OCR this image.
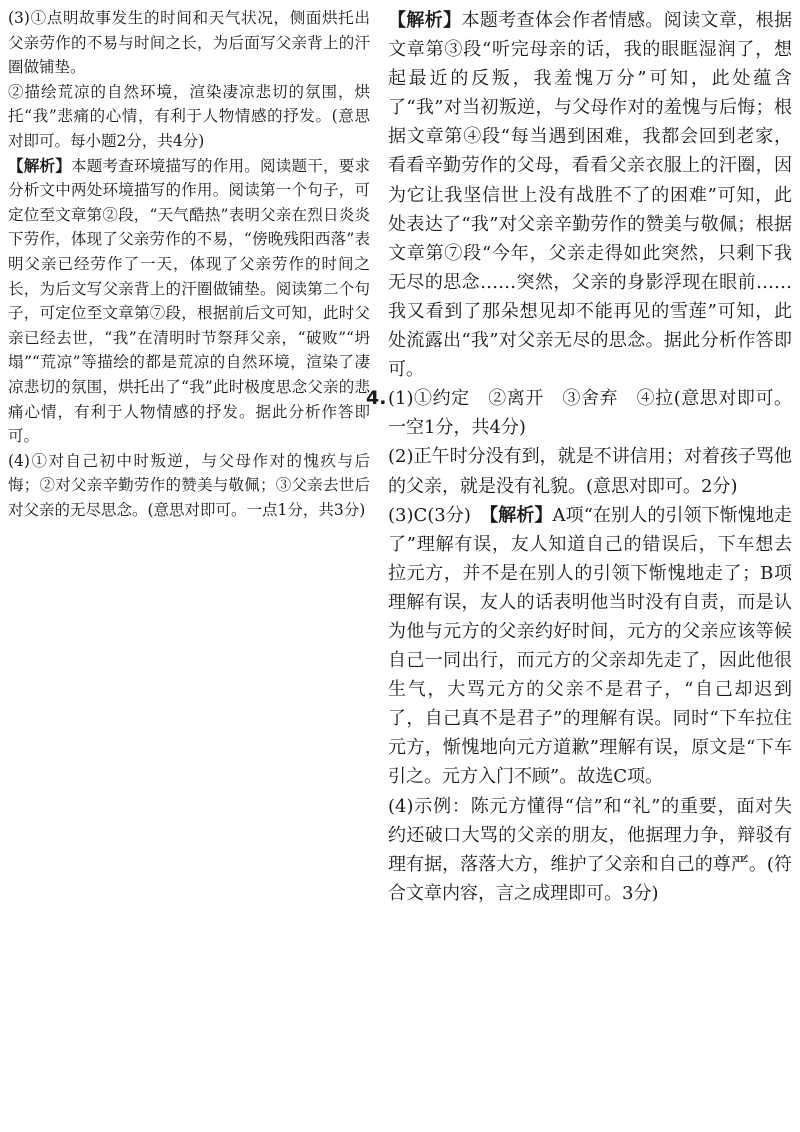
(3)①点明故事发生的时间和天气状况，侧面烘托出父亲劳作的不易与时间之长，为后面写父亲背上的汗圈做铺垫。

②描绘荒凉的自然环境，渲染凄凉悲切的氛围，烘托“我”悲痛的心情，有利于人物情感的抒发。(意思对即可。每小题2分，共4分)

【解析】本题考查环境描写的作用。阅读题干，要求分析文中两处环境描写的作用。阅读第一个句子，可定位至文章第②段，“天气酷热”表明父亲在烈日炎炎下劳作，体现了父亲劳作的不易，“傍晚残阳西落”表明父亲已经劳作了一天，体现了父亲劳作的时间之长，为后文写父亲背上的汗圈做铺垫。阅读第二个句子，可定位至文章第⑦段，根据前后文可知，此时父亲已经去世，“我”在清明时节祭拜父亲，“破败”“坍塌”“荒凉”等描绘的都是荒凉的自然环境，渲染了凄凉悲切的氛围，烘托出了“我”此时极度思念父亲的悲痛心情，有利于人物情感的抒发。据此分析作答即可。

(4)①对自己初中时叛逆，与父母作对的愧疚与后悔；②对父亲辛勤劳作的赞美与敬佩；③父亲去世后对父亲的无尽思念。(意思对即可。一点1分，共3分)

【解析】本题考查体会作者情感。阅读文章，根据文章第③段“听完母亲的话，我的眼眶湿润了，想起最近的反叛，我羞愧万分”可知，此处蕴含了“我”对当初叛逆，与父母作对的羞愧与后悔；根据文章第④段“每当遇到困难，我都会回到老家，看看辛勤劳作的父母，看看父亲衣服上的汗圈，因为它让我坚信世上没有战胜不了的困难”可知，此处表达了“我”对父亲辛勤劳作的赞美与敬佩；根据文章第⑦段“今年，父亲走得如此突然，只剩下我无尽的思念……突然，父亲的身影浮现在眼前……我又看到了那朵想见却不能再见的雪莲”可知，此处流露出“我”对父亲无尽的思念。据此分析作答即可。

4. (1)①约定　②离开　③舍弃　④拉(意思对即可。一空1分，共4分)

(2)正午时分没有到，就是不讲信用；对着孩子骂他的父亲，就是没有礼貌。(意思对即可。2分)

(3)C(3分)　【解析】A项“在别人的引领下惭愧地走了”理解有误，友人知道自己的错误后，下车想去拉元方，并不是在别人的引领下惭愧地走了；B项理解有误，友人的话表明他当时没有自责，而是认为他与元方的父亲约好时间，元方的父亲应该等候自己一同出行，而元方的父亲却先走了，因此他很生气，大骂元方的父亲不是君子，“自己却迟到了，自己真不是君子”的理解有误。同时“下车拉住元方，惭愧地向元方道歉”理解有误，原文是“下车引之。元方入门不顾”。故选C项。

(4)示例：陈元方懂得“信”和“礼”的重要，面对失约还破口大骂的父亲的朋友，他据理力争，辩驳有理有据，落落大方，维护了父亲和自己的尊严。(符合文章内容，言之成理即可。3分)
